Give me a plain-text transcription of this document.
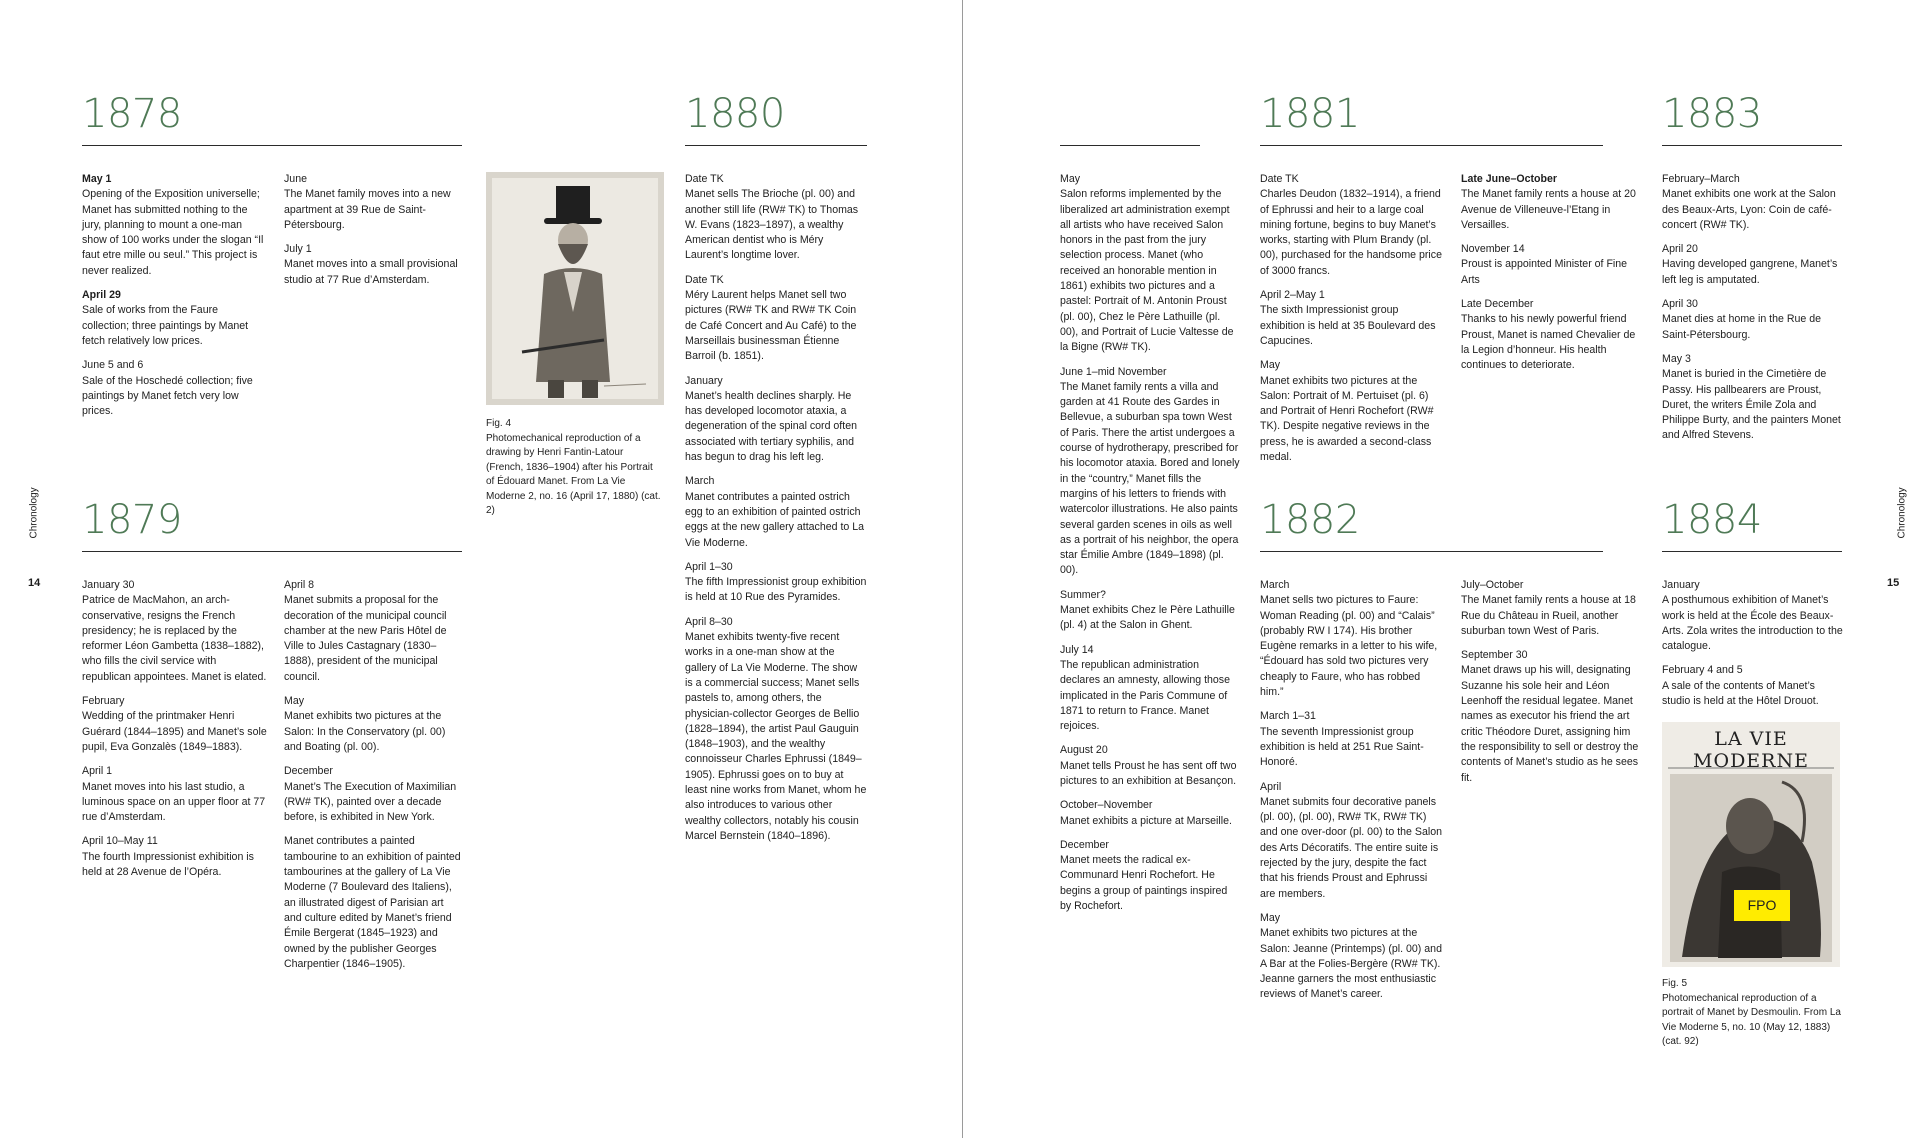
1878	1880
1879
May 1
Opening of the Exposition universelle; Manet has submitted nothing to the jury, planning to mount a one-man show of 100 works under the slogan “Il faut etre mille ou seul.” This project is never realized.
April 29
Sale of works from the Faure collection; three paintings by Manet fetch relatively low prices.
June 5 and 6
Sale of the Hoschedé collection; five paintings by Manet fetch very low prices.
June
The Manet family moves into a new apartment at 39 Rue de Saint-Pétersbourg.
July 1
Manet moves into a small provisional studio at 77 Rue d’Amsterdam.
Fig. 4
Photomechanical reproduction of a drawing by Henri Fantin-Latour (French, 1836–1904) after his Portrait of Édouard Manet. From La Vie Moderne 2, no. 16 (April 17, 1880) (cat. 2)
Date TK
Manet sells The Brioche (pl. 00) and another still life (RW# TK) to Thomas W. Evans (1823–1897), a wealthy American dentist who is Méry Laurent’s longtime lover.
Date TK
Méry Laurent helps Manet sell two pictures (RW# TK and RW# TK Coin de Café Concert and Au Café) to the Marseillais businessman Étienne Barroil (b. 1851).
January
Manet’s health declines sharply. He has developed locomotor ataxia, a degeneration of the spinal cord often associated with tertiary syphilis, and has begun to drag his left leg.
March
Manet contributes a painted ostrich egg to an exhibition of painted ostrich eggs at the new gallery attached to La Vie Moderne.
April 1–30
The fifth Impressionist group exhibition is held at 10 Rue des Pyramides.
April 8–30
Manet exhibits twenty-five recent works in a one-man show at the gallery of La Vie Moderne. The show is a commercial success; Manet sells pastels to, among others, the physician-collector Georges de Bellio (1828–1894), the artist Paul Gauguin (1848–1903), and the wealthy connoisseur Charles Ephrussi (1849–1905). Ephrussi goes on to buy at least nine works from Manet, whom he also introduces to various other wealthy collectors, notably his cousin Marcel Bernstein (1840–1896).
January 30
Patrice de MacMahon, an arch-conservative, resigns the French presidency; he is replaced by the reformer Léon Gambetta (1838–1882), who fills the civil service with republican appointees. Manet is elated.
February
Wedding of the printmaker Henri Guérard (1844–1895) and Manet’s sole pupil, Eva Gonzalès (1849–1883).
April 1
Manet moves into his last studio, a luminous space on an upper floor at 77 rue d’Amsterdam.
April 10–May 11
The fourth Impressionist exhibition is held at 28 Avenue de l’Opéra.
April 8
Manet submits a proposal for the decoration of the municipal council chamber at the new Paris Hôtel de Ville to Jules Castagnary (1830–1888), president of the municipal council.
May
Manet exhibits two pictures at the Salon: In the Conservatory (pl. 00) and Boating (pl. 00).
December
Manet’s The Execution of Maximilian (RW# TK), painted over a decade before, is exhibited in New York.
Manet contributes a painted tambourine to an exhibition of painted tambourines at the gallery of La Vie Moderne (7 Boulevard des Italiens), an illustrated digest of Parisian art and culture edited by Manet’s friend Émile Bergerat (1845–1923) and owned by the publisher Georges Charpentier (1846–1905).
Chronology
14
1881	1883
1882	1884
May
Salon reforms implemented by the liberalized art administration exempt all artists who have received Salon honors in the past from the jury selection process. Manet (who received an honorable mention in 1861) exhibits two pictures and a pastel: Portrait of M. Antonin Proust (pl. 00), Chez le Père Lathuille (pl. 00), and Portrait of Lucie Valtesse de la Bigne (RW# TK).
June 1–mid November
The Manet family rents a villa and garden at 41 Route des Gardes in Bellevue, a suburban spa town West of Paris. There the artist undergoes a course of hydrotherapy, prescribed for his locomotor ataxia. Bored and lonely in the “country,” Manet fills the margins of his letters to friends with watercolor illustrations. He also paints several garden scenes in oils as well as a portrait of his neighbor, the opera star Émilie Ambre (1849–1898) (pl. 00).
Summer?
Manet exhibits Chez le Père Lathuille (pl. 4) at the Salon in Ghent.
July 14
The republican administration declares an amnesty, allowing those implicated in the Paris Commune of 1871 to return to France. Manet rejoices.
August 20
Manet tells Proust he has sent off two pictures to an exhibition at Besançon.
October–November
Manet exhibits a picture at Marseille.
December
Manet meets the radical ex-Communard Henri Rochefort. He begins a group of paintings inspired by Rochefort.
Date TK
Charles Deudon (1832–1914), a friend of Ephrussi and heir to a large coal mining fortune, begins to buy Manet’s works, starting with Plum Brandy (pl. 00), purchased for the handsome price of 3000 francs.
April 2–May 1
The sixth Impressionist group exhibition is held at 35 Boulevard des Capucines.
May
Manet exhibits two pictures at the Salon: Portrait of M. Pertuiset (pl. 6) and Portrait of Henri Rochefort (RW# TK). Despite negative reviews in the press, he is awarded a second-class medal.
Late June–October
The Manet family rents a house at 20 Avenue de Villeneuve-l’Etang in Versailles.
November 14
Proust is appointed Minister of Fine Arts
Late December
Thanks to his newly powerful friend Proust, Manet is named Chevalier de la Legion d’honneur. His health continues to deteriorate.
February–March
Manet exhibits one work at the Salon des Beaux-Arts, Lyon: Coin de café-concert (RW# TK).
April 20
Having developed gangrene, Manet’s left leg is amputated.
April 30
Manet dies at home in the Rue de Saint-Pétersbourg.
May 3
Manet is buried in the Cimetière de Passy. His pallbearers are Proust, Duret, the writers Émile Zola and Philippe Burty, and the painters Monet and Alfred Stevens.
March
Manet sells two pictures to Faure: Woman Reading (pl. 00) and “Calais” (probably RW I 174). His brother Eugène remarks in a letter to his wife, “Édouard has sold two pictures very cheaply to Faure, who has robbed him.”
March 1–31
The seventh Impressionist group exhibition is held at 251 Rue Saint-Honoré.
April
Manet submits four decorative panels (pl. 00), (pl. 00), RW# TK, RW# TK) and one over-door (pl. 00) to the Salon des Arts Décoratifs. The entire suite is rejected by the jury, despite the fact that his friends Proust and Ephrussi are members.
May
Manet exhibits two pictures at the Salon: Jeanne (Printemps) (pl. 00) and A Bar at the Folies-Bergère (RW# TK). Jeanne garners the most enthusiastic reviews of Manet’s career.
July–October
The Manet family rents a house at 18 Rue du Château in Rueil, another suburban town West of Paris.
September 30
Manet draws up his will, designating Suzanne his sole heir and Léon Leenhoff the residual legatee. Manet names as executor his friend the art critic Théodore Duret, assigning him the responsibility to sell or destroy the contents of Manet’s studio as he sees fit.
January
A posthumous exhibition of Manet’s work is held at the École des Beaux-Arts. Zola writes the introduction to the catalogue.
February 4 and 5
A sale of the contents of Manet’s studio is held at the Hôtel Drouot.
LA VIE MODERNE
FPO
Fig. 5
Photomechanical reproduction of a portrait of Manet by Desmoulin. From La Vie Moderne 5, no. 10 (May 12, 1883) (cat. 92)
Chronology
15
